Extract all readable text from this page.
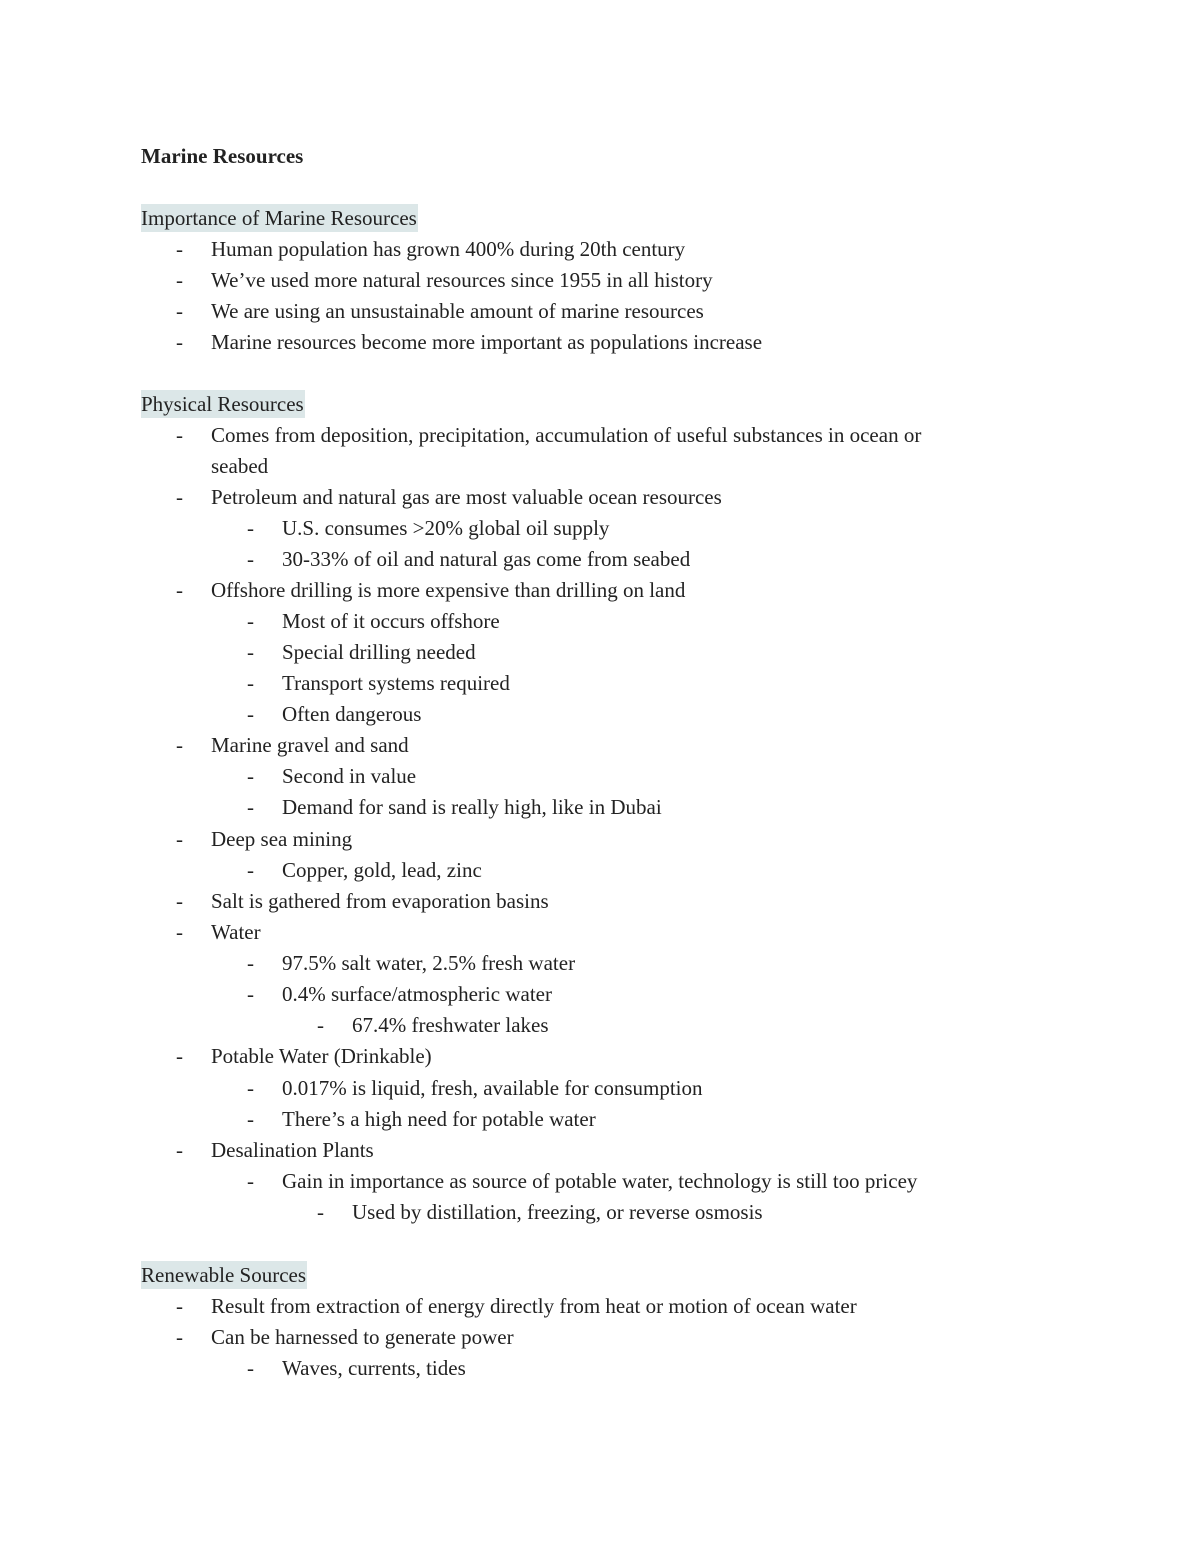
Marine Resources
Importance of Marine Resources
- Human population has grown 400% during 20th century
- We’ve used more natural resources since 1955 in all history
- We are using an unsustainable amount of marine resources
- Marine resources become more important as populations increase
Physical Resources
- Comes from deposition, precipitation, accumulation of useful substances in ocean or
seabed
- Petroleum and natural gas are most valuable ocean resources
- U.S. consumes >20% global oil supply
- 30-33% of oil and natural gas come from seabed
- Offshore drilling is more expensive than drilling on land
- Most of it occurs offshore
- Special drilling needed
- Transport systems required
- Often dangerous
- Marine gravel and sand
- Second in value
- Demand for sand is really high, like in Dubai
- Deep sea mining
- Copper, gold, lead, zinc
- Salt is gathered from evaporation basins
- Water
- 97.5% salt water, 2.5% fresh water
- 0.4% surface/atmospheric water
- 67.4% freshwater lakes
- Potable Water (Drinkable)
- 0.017% is liquid, fresh, available for consumption
- There’s a high need for potable water
- Desalination Plants
- Gain in importance as source of potable water, technology is still too pricey
- Used by distillation, freezing, or reverse osmosis
Renewable Sources
- Result from extraction of energy directly from heat or motion of ocean water
- Can be harnessed to generate power
- Waves, currents, tides
